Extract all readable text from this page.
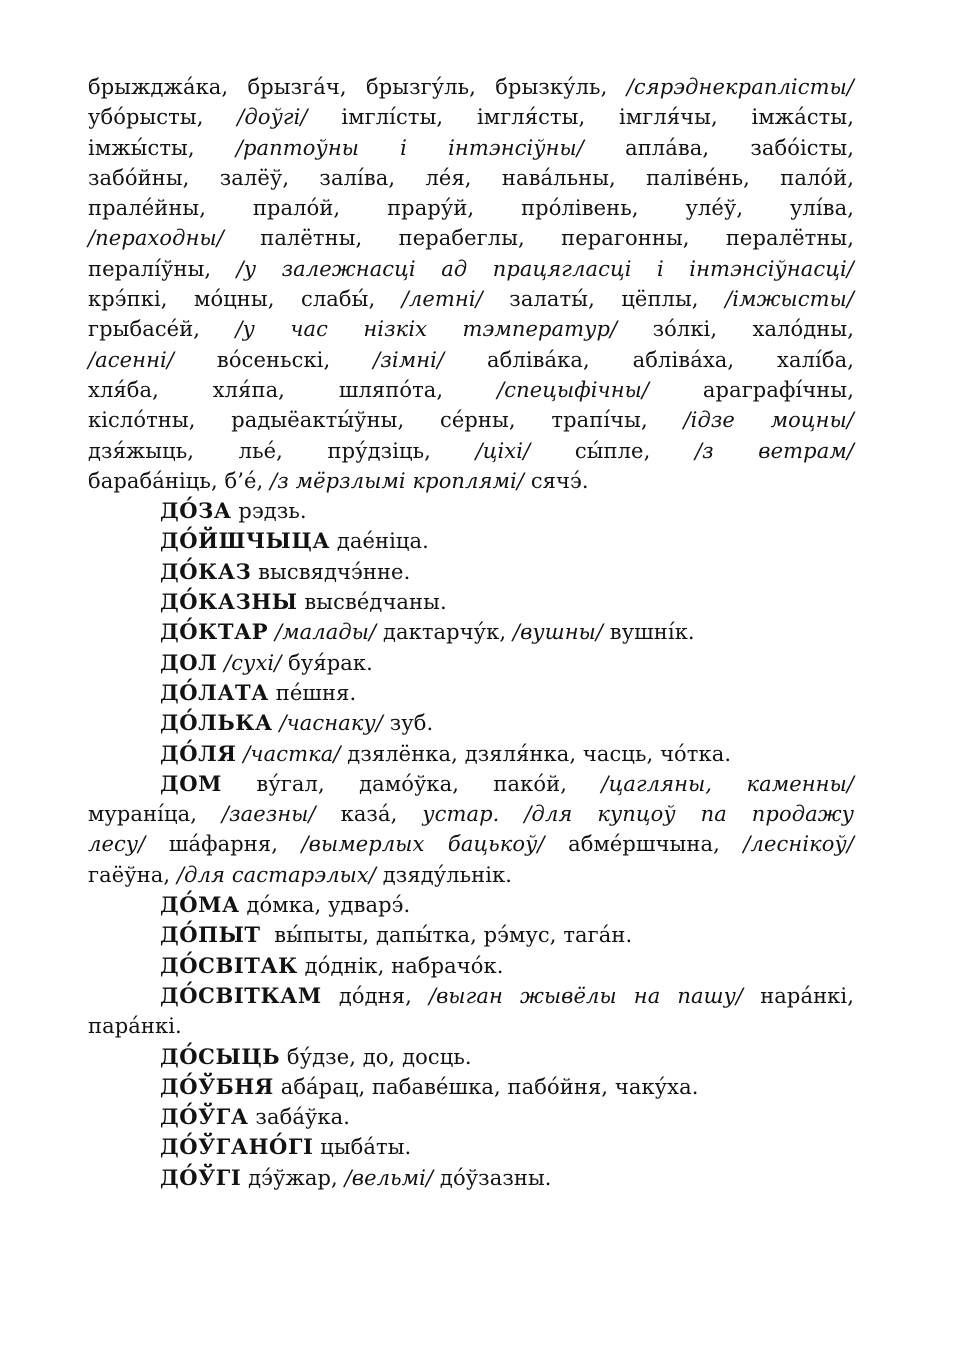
брыжджа́ка, брызга́ч, брызгу́ль, брызку́ль, /сярэднекраплісты/
убо́рысты, /доўгі/ імглі́сты, імгля́сты, імгля́чы, імжа́сты,
імжы́сты, /раптоўны і інтэнсіўны/ апла́ва, забо́істы,
забо́йны, залёў, залі́ва, ле́я, нава́льны, паліве́нь, пало́й,
прале́йны, прало́й, прару́й, про́лівень, уле́ў, улі́ва,
/пераходны/ палётны, перабеглы, перагонны, пералётны,
пералі́ўны, /у залежнасці ад працягласці і інтэнсіўнасці/
крэ́пкі, мо́цны, слабы́, /летні/ залаты́, цёплы, /імжысты/
грыбасе́й, /у час нізкіх тэмператур/ зо́лкі, хало́дны,
/асенні/ во́сеньскі, /зімні/ абліва́ка, абліва́ха, халі́ба,
хля́ба, хля́па, шляпо́та, /спецыфічны/ араграфі́чны,
кісло́тны, радыёакты́ўны, се́рны, трапі́чы, /ідзе моцны/
дзя́жыць, лье́, пру́дзіць, /ціхі/ сы́пле, /з ветрам/
бараба́ніць, б’е́, /з мёрзлымі кроплямі/ сячэ́.
ДО́ЗА рэдзь.
ДО́ЙШЧЫЦА дае́ніца.
ДО́КАЗ высвядчэ́нне.
ДО́КАЗНЫ высве́дчаны.
ДО́КТАР /малады/ дактарчу́к, /вушны/ вушні́к.
ДОЛ /сухі/ буя́рак.
ДО́ЛАТА пе́шня.
ДО́ЛЬКА /часнаку/ зуб.
ДО́ЛЯ /частка/ дзялёнка, дзяля́нка, часць, чо́тка.
ДОМ ву́гал, дамо́ўка, пако́й, /цагляны, каменны/
мурані́ца, /заезны/ каза́, устар. /для купцоў па продажу
лесу/ ша́фарня, /вымерлых бацькоў/ абме́ршчына, /леснікоў/
гаёўна, /для састарэлых/ дзяду́льнік.
ДО́МА до́мка, удварэ́.
ДО́ПЫТ  вы́пыты, дапы́тка, рэ́мус, тага́н.
ДО́СВІТАК до́днік, набрачо́к.
ДО́СВІТКАМ до́дня, /выган жывёлы на пашу/ нара́нкі,
пара́нкі.
ДО́СЫЦЬ бу́дзе, до, досць.
ДО́ЎБНЯ аба́рац, пабаве́шка, пабо́йня, чаку́ха.
ДО́ЎГА заба́ўка.
ДО́ЎГАНО́ГІ цыба́ты.
ДО́ЎГІ дэ́ўжар, /вельмі/ до́ўзазны.
